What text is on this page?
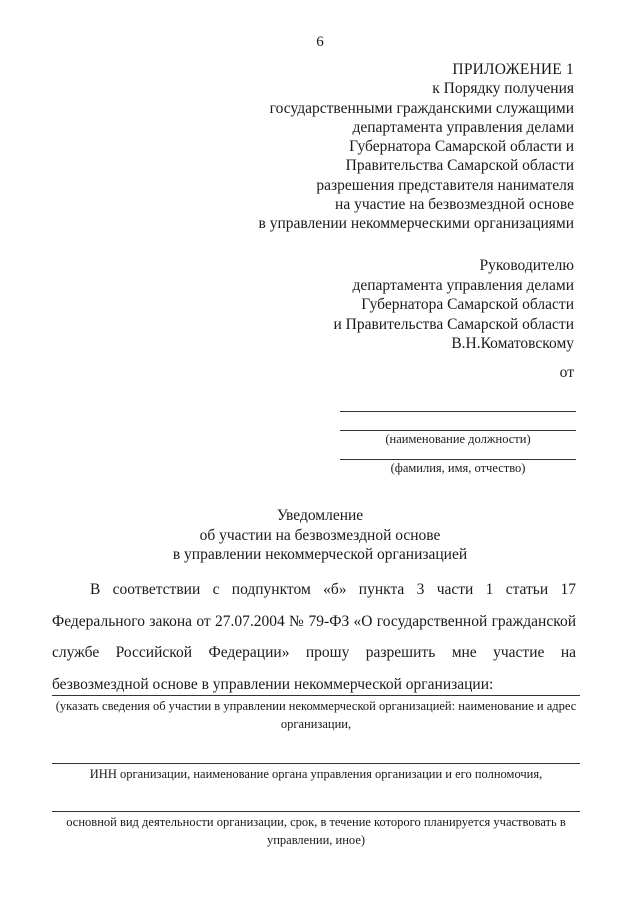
6
ПРИЛОЖЕНИЕ 1
к Порядку получения
государственными гражданскими служащими
департамента управления делами
Губернатора Самарской области и
Правительства Самарской области
разрешения представителя нанимателя
на участие на безвозмездной основе
в управлении некоммерческими организациями
Руководителю
департамента управления делами
Губернатора Самарской области
и Правительства Самарской области
В.Н.Коматовскому
от
(наименование должности)
(фамилия, имя, отчество)
Уведомление
об участии на безвозмездной основе
в управлении некоммерческой организацией
В соответствии с подпунктом «б» пункта 3 части 1 статьи 17 Федерального закона от 27.07.2004 № 79-ФЗ «О государственной гражданской службе Российской Федерации» прошу разрешить мне участие на безвозмездной основе в управлении некоммерческой организации:
(указать сведения об участии в управлении некоммерческой организацией: наименование и адрес организации,
ИНН организации, наименование органа управления организации и его полномочия,
основной вид деятельности организации, срок, в течение которого планируется участвовать в управлении, иное)
